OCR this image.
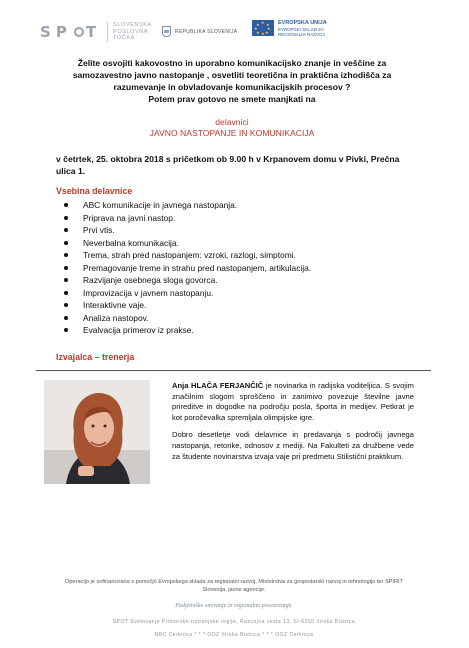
S P T SLOVENSKA
POSLOVNA
TOČKA
REPUBLIKA SLOVENIJA
★ ★
★
★
★
★
★
★	EVROPSKA UNIJA
EVROPSKI SKLAD ZA
REGIONALNI RAZVOJ
Želite osvojiti kakovostno in uporabno komunikacijsko znanje in veščine za
samozavestno javno nastopanje , osvetliti teoretična in praktična izhodišča za
razumevanje in obvladovanje komunikacijskih procesov ?
Potem prav gotovo ne smete manjkati na
delavnici
JAVNO NASTOPANJE IN KOMUNIKACIJA
v četrtek, 25. oktobra 2018 s pričetkom ob 9.00 h v Krpanovem domu v Pivki, Prečna ulica 1.
Vsebina delavnice
ABC komunikacije in javnega nastopanja.
Priprava na javni nastop.
Prvi vtis.
Neverbalna komunikacija.
Trema, strah pred nastopanjem: vzroki, razlogi, simptomi.
Premagovanje treme in strahu pred nastopanjem, artikulacija.
Razvijanje osebnega sloga govorca.
Improvizacija v javnem nastopanju.
Interaktivne vaje.
Analiza nastopov.
Evalvacija primerov iz prakse.
Izvajalca – trenerja

Anja HLAČA FERJANČIČ je novinarka in radijska voditeljica. S svojim značilnim slogom sproščeno in zanimivo povezuje številne javne prireditve in dogodke na področju posla, športa in medijev. Petkrat je kot poročevalka spremljala olimpijske igre.

Dobro desetletje vodi delavnice in predavanja s področij javnega nastopanja, retorike, odnosov z mediji. Na Fakulteti za družbene vede za študente novinarstva izvaja vaje pri predmetu Stilistični praktikum.

Operacijo je sofinancirana s pomočjo Evropskega sklada za regionalni razvoj, Ministrstva za gospodarski razvoj in tehnologijo ter SPIRIT Slovenija, javne agencije.
Podjetniško snovanje in regionalno povezovanje.
SPOT Svetovanje Primorsko-notranjske regije, Razvojna cesta 13, SI-6250 Ilirska Bistrica
NBC Cerknica * * * OOZ Ilirska Bistrica * * * OOZ Cerknica
